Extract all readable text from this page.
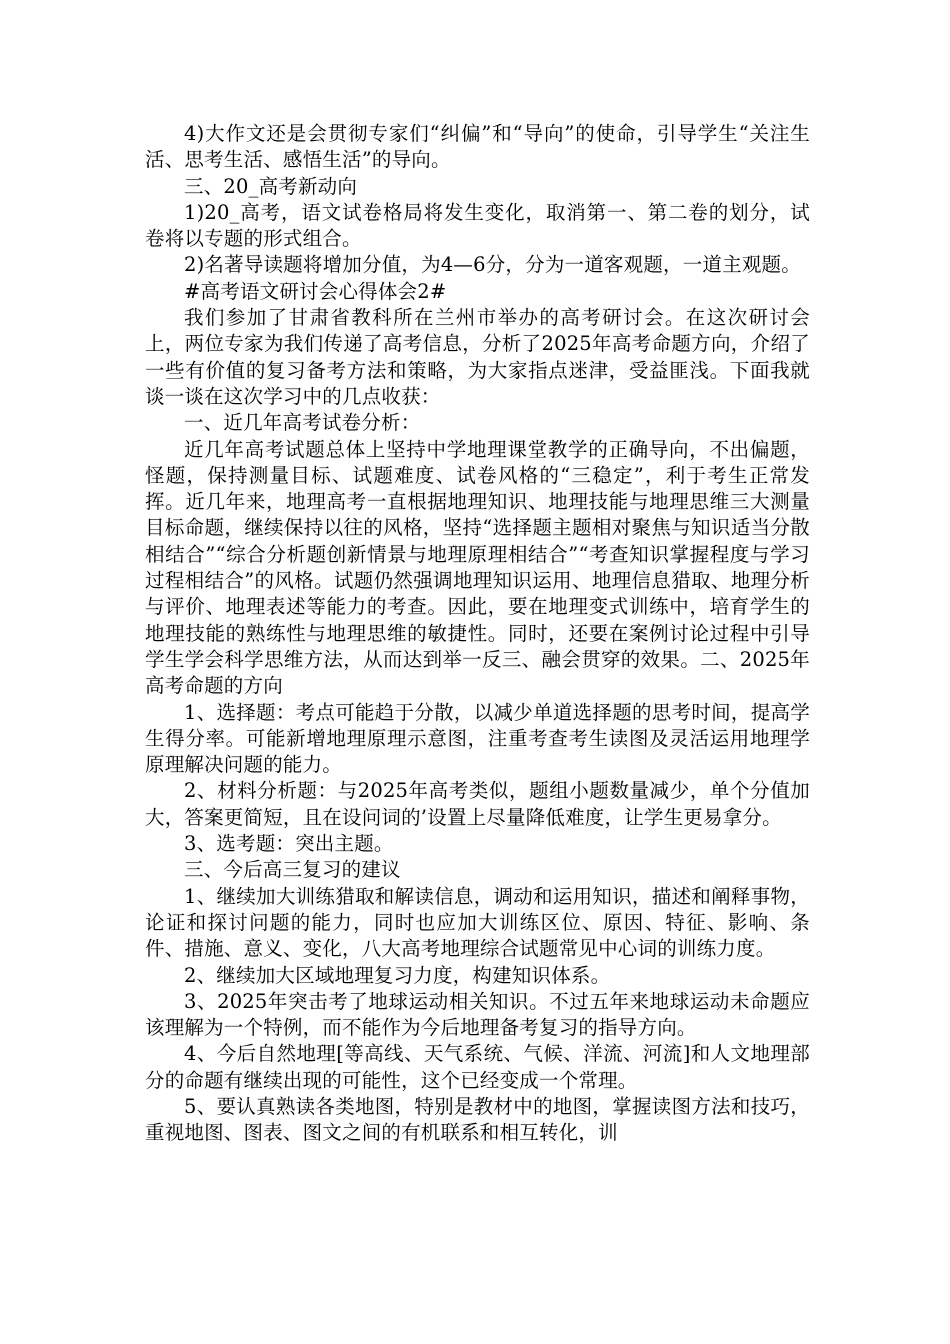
4)大作文还是会贯彻专家们“纠偏”和“导向”的使命，引导学生“关注生活、思考生活、感悟生活”的导向。

三、20_高考新动向

1)20_高考，语文试卷格局将发生变化，取消第一、第二卷的划分，试卷将以专题的形式组合。

2)名著导读题将增加分值，为4—6分，分为一道客观题，一道主观题。

#高考语文研讨会心得体会2#

我们参加了甘肃省教科所在兰州市举办的高考研讨会。在这次研讨会上，两位专家为我们传递了高考信息，分析了2025年高考命题方向，介绍了一些有价值的复习备考方法和策略，为大家指点迷津，受益匪浅。下面我就谈一谈在这次学习中的几点收获：

一、近几年高考试卷分析：

近几年高考试题总体上坚持中学地理课堂教学的正确导向，不出偏题，怪题，保持测量目标、试题难度、试卷风格的“三稳定”，利于考生正常发挥。近几年来，地理高考一直根据地理知识、地理技能与地理思维三大测量目标命题，继续保持以往的风格，坚持“选择题主题相对聚焦与知识适当分散相结合”“综合分析题创新情景与地理原理相结合”“考查知识掌握程度与学习过程相结合”的风格。试题仍然强调地理知识运用、地理信息猎取、地理分析与评价、地理表述等能力的考查。因此，要在地理变式训练中，培育学生的地理技能的熟练性与地理思维的敏捷性。同时，还要在案例讨论过程中引导学生学会科学思维方法，从而达到举一反三、融会贯穿的效果。二、2025年高考命题的方向

1、选择题：考点可能趋于分散，以减少单道选择题的思考时间，提高学生得分率。可能新增地理原理示意图，注重考查考生读图及灵活运用地理学原理解决问题的能力。

2、材料分析题：与2025年高考类似，题组小题数量减少，单个分值加大，答案更简短，且在设问词的’设置上尽量降低难度，让学生更易拿分。

3、选考题：突出主题。

三、今后高三复习的建议

1、继续加大训练猎取和解读信息，调动和运用知识，描述和阐释事物，论证和探讨问题的能力，同时也应加大训练区位、原因、特征、影响、条件、措施、意义、变化，八大高考地理综合试题常见中心词的训练力度。

2、继续加大区域地理复习力度，构建知识体系。

3、2025年突击考了地球运动相关知识。不过五年来地球运动未命题应该理解为一个特例，而不能作为今后地理备考复习的指导方向。

4、今后自然地理[等高线、天气系统、气候、洋流、河流]和人文地理部分的命题有继续出现的可能性，这个已经变成一个常理。

5、要认真熟读各类地图，特别是教材中的地图，掌握读图方法和技巧，重视地图、图表、图文之间的有机联系和相互转化，训
